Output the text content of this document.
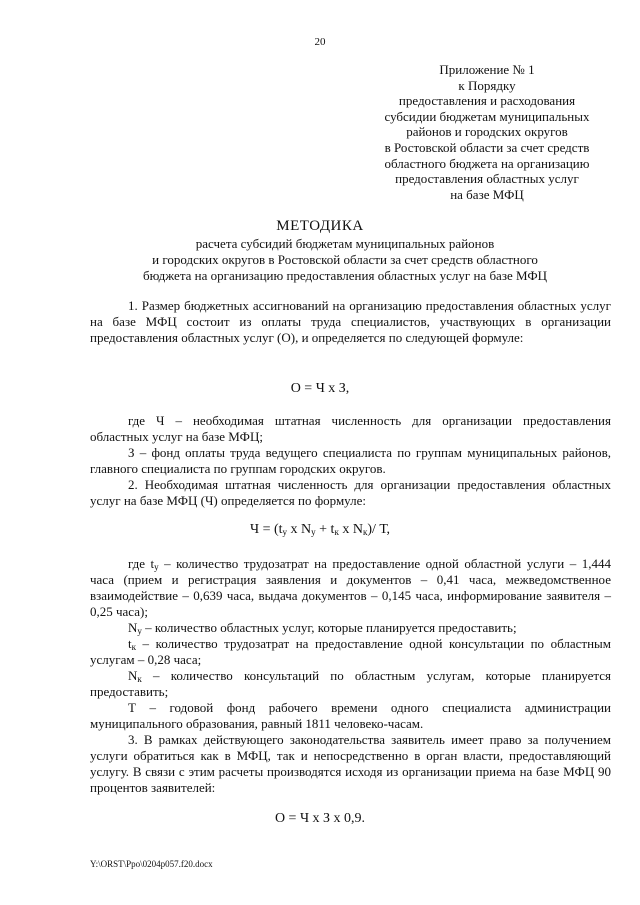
20
Приложение № 1
к Порядку
предоставления и расходования
субсидии бюджетам муниципальных
районов и городских округов
в Ростовской области за счет средств
областного бюджета на организацию
предоставления областных услуг
на базе МФЦ
МЕТОДИКА
расчета субсидий бюджетам муниципальных районов
и городских округов в Ростовской области за счет средств областного
бюджета на организацию предоставления областных услуг на базе МФЦ

1. Размер бюджетных ассигнований на организацию предоставления областных услуг на базе МФЦ состоит из оплаты труда специалистов, участвующих в организации предоставления областных услуг (О), и определяется по следующей формуле:

О = Ч х З,

где Ч – необходимая штатная численность для организации предоставления областных услуг на базе МФЦ;

З – фонд оплаты труда ведущего специалиста по группам муниципальных районов, главного специалиста по группам городских округов.

2. Необходимая штатная численность для организации предоставления областных услуг на базе МФЦ (Ч) определяется по формуле:

$Ч = (t_у$ х $N_у + t_к$ х $N_к)/$ Т,

где $t_у$ – количество трудозатрат на предоставление одной областной услуги – 1,444 часа (прием и регистрация заявления и документов – 0,41 часа, межведомственное взаимодействие – 0,639 часа, выдача документов – 0,145 часа, информирование заявителя – 0,25 часа);

$N_у$ – количество областных услуг, которые планируется предоставить;

$t_к$ – количество трудозатрат на предоставление одной консультации по областным услугам – 0,28 часа;

$N_к$ – количество консультаций по областным услугам, которые планируется предоставить;

Т – годовой фонд рабочего времени одного специалиста администрации муниципального образования, равный 1811 человеко-часам.

3. В рамках действующего законодательства заявитель имеет право за получением услуги обратиться как в МФЦ, так и непосредственно в орган власти, предоставляющий услугу. В связи с этим расчеты производятся исходя из организации приема на базе МФЦ 90 процентов заявителей:

О = Ч х З х 0,9.
Y:\ORST\Ppo\0204p057.f20.docx
